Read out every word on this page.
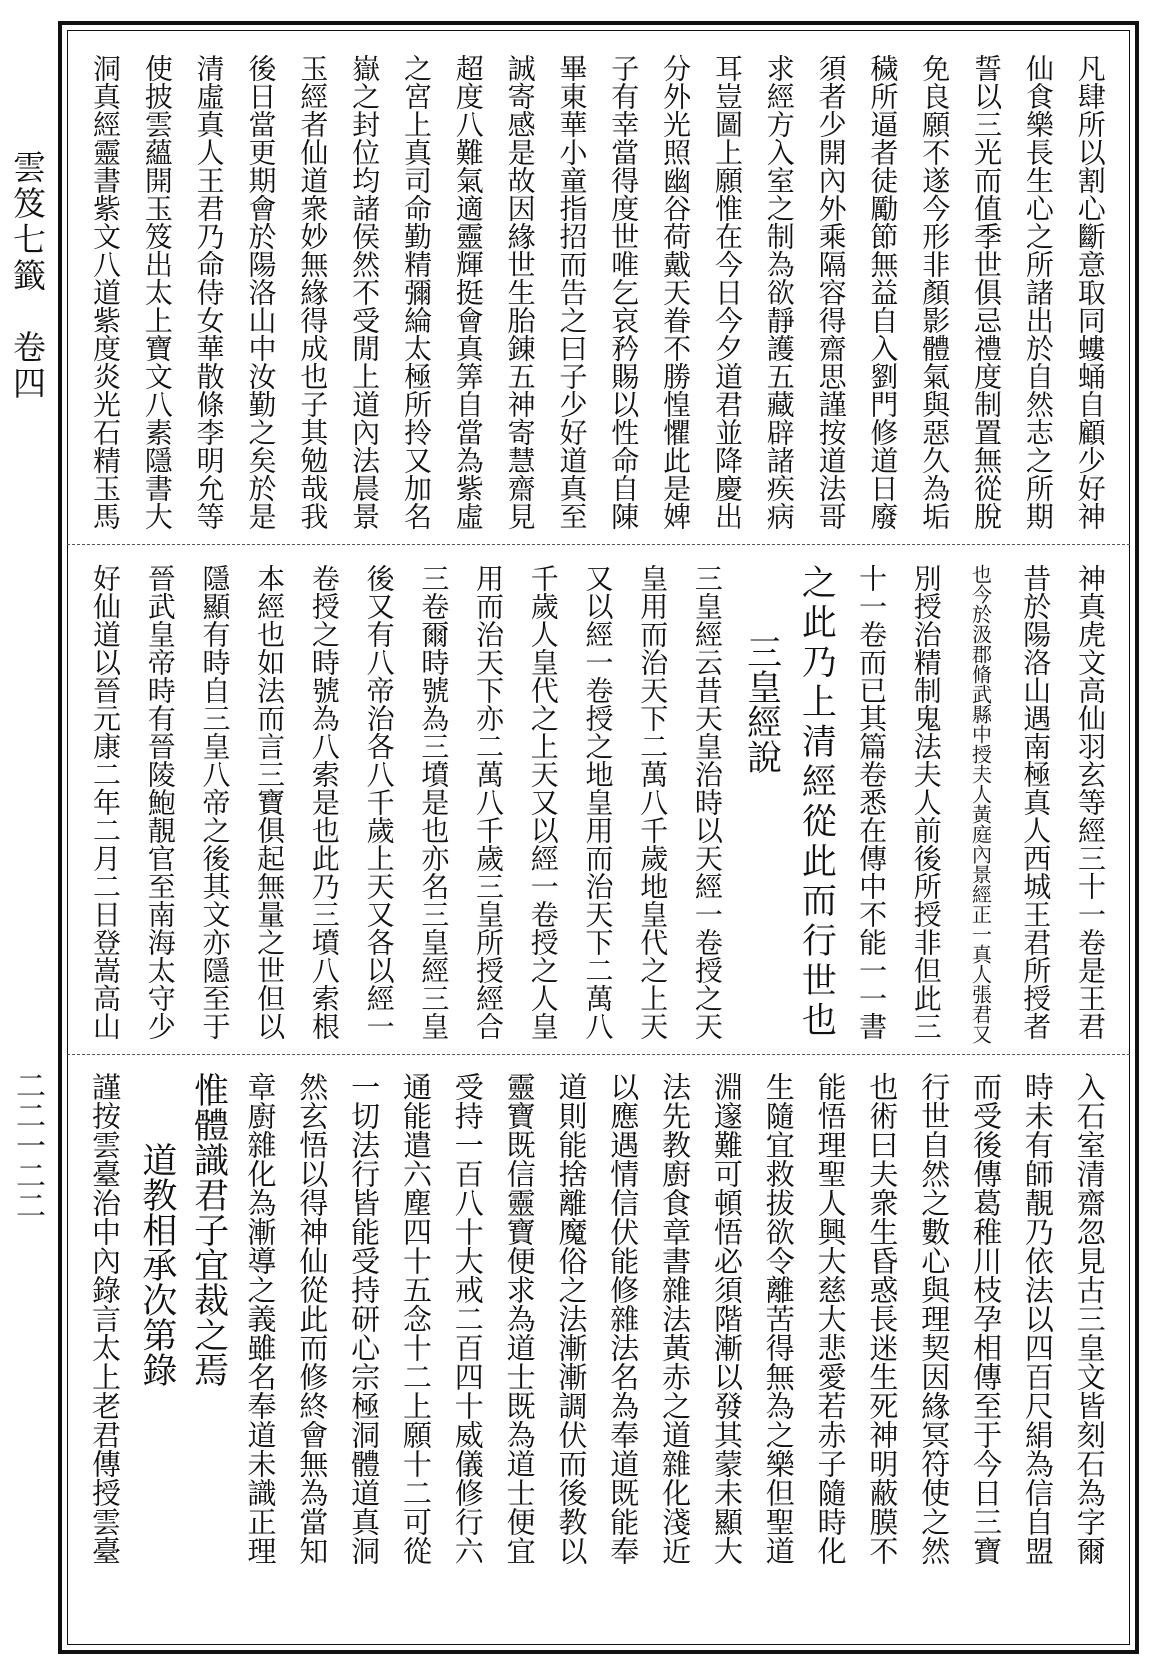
雲笈七籤　卷四
二二一二二
凡肆所以割心斷意取同螻蛹自顧少好神
仙食樂長生心之所諸出於自然志之所期
誓以三光而值季世俱忌禮度制置無從脫
免良願不遂今形非顏影體氣與惡久為垢
穢所逼者徒勵節無益自入劉門修道日廢
須者少開內外乘隔容得齋思謹按道法哥
求經方入室之制為欲靜護五藏辟諸疾病
耳豈圖上願惟在今日今夕道君並降慶出
分外光照幽谷荷戴天眷不勝惶懼此是婢
子有幸當得度世唯乞哀矜賜以性命自陳
畢東華小童指招而告之曰子少好道真至
誠寄感是故因緣世生胎錬五神寄慧齋見
超度八難氣適靈輝挺會真筭自當為紫虛
之宮上真司命勤精彌綸太極所拎又加名
嶽之封位均諸侯然不受閒上道內法晨景
玉經者仙道衆妙無緣得成也子其勉哉我
後日當更期會於陽洛山中汝勤之矣於是
清虛真人王君乃命侍女華散條李明允等
使披雲蘊開玉笈出太上寶文八素隱書大
洞真經靈書紫文八道紫度炎光石精玉馬
神真虎文高仙羽玄等經三十一卷是王君
昔於陽洛山遇南極真人西城王君所授者
也今於汲郡脩武縣中授夫人黃庭內景經正一真人張君又
別授治精制鬼法夫人前後所授非但此三
十一卷而已其篇卷悉在傳中不能一一書
之此乃上清經從此而行世也
三皇經說
三皇經云昔天皇治時以天經一卷授之天
皇用而治天下二萬八千歲地皇代之上天
又以經一卷授之地皇用而治天下二萬八
千歲人皇代之上天又以經一卷授之人皇
用而治天下亦二萬八千歲三皇所授經合
三卷爾時號為三墳是也亦名三皇經三皇
後又有八帝治各八千歲上天又各以經一
卷授之時號為八索是也此乃三墳八索根
本經也如法而言三寶俱起無量之世但以
隱顯有時自三皇八帝之後其文亦隱至于
晉武皇帝時有晉陵鮑靚官至南海太守少
好仙道以晉元康二年二月二日登嵩高山
入石室清齋忽見古三皇文皆刻石為字爾
時未有師靚乃依法以四百尺絹為信自盟
而受後傳葛稚川枝孕相傳至于今日三寶
行世自然之數心與理契因緣冥符使之然
也術曰夫衆生昏惑長迷生死神明蔽膜不
能悟理聖人興大慈大悲愛若赤子隨時化
生隨宜救拔欲令離苦得無為之樂但聖道
淵邃難可頓悟必須階漸以發其蒙未顯大
法先教廚食章書雜法黃赤之道雜化淺近
以應遇情信伏能修雜法名為奉道既能奉
道則能捨離魔俗之法漸漸調伏而後教以
靈寶既信靈寶便求為道士既為道士便宜
受持一百八十大戒二百四十威儀修行六
通能遣六塵四十五念十二上願十二可從
一切法行皆能受持研心宗極洞體道真洞
然玄悟以得神仙從此而修終會無為當知
章廚雜化為漸導之義雖名奉道未識正理
惟體識君子宜裁之焉
道教相承次第錄
謹按雲臺治中內錄言太上老君傳授雲臺
